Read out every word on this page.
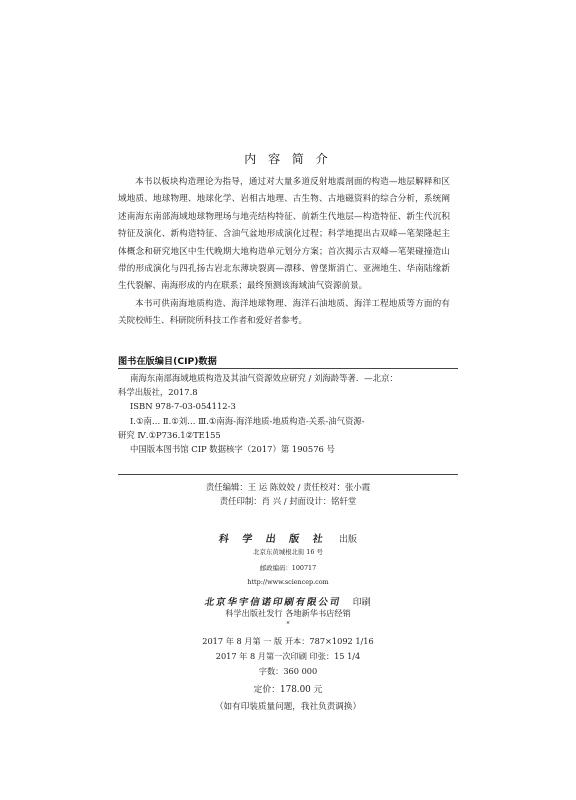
内 容 简 介

本书以板块构造理论为指导，通过对大量多道反射地震剖面的构造—地层解释和区域地质、地球物理、地球化学、岩相古地理、古生物、古地磁资料的综合分析，系统阐述南海东南部海域地球物理场与地壳结构特征、前新生代地层—构造特征、新生代沉积特征及演化、新构造特征、含油气盆地形成演化过程；科学地提出古双峰—笔架隆起主体概念和研究地区中生代晚期大地构造单元划分方案；首次揭示古双峰—笔架碰撞造山带的形成演化与四孔扬古岩北东薄块裂离—漂移、曾堡斯消亡、亚洲地生、华南陆缘新生代裂解、南海形成的内在联系；最终预测该海域油气资源前景。

本书可供南海地质构造、海洋地球物理、海洋石油地质、海洋工程地质等方面的有关院校师生、科研院所科技工作者和爱好者参考。

图书在版编目(CIP)数据

南海东南部海域地质构造及其油气资源效应研究 / 刘海龄等著．—北京：

科学出版社，2017.8

ISBN 978-7-03-054112-3

Ⅰ.①南… Ⅱ.①刘… Ⅲ.①南海-海洋地质-地质构造-关系-油气资源-

研究 Ⅳ.①P736.1②TE155

中国版本图书馆 CIP 数据核字（2017）第 190576 号

责任编辑：王 运 陈姣姣 / 责任校对：张小霞
责任印制：肖 兴 / 封面设计：铭轩堂
科 学 出 版 社 出版
北京东黄城根北街 16 号
邮政编码：100717
http://www.sciencep.com
北京华宇信诺印刷有限公司 印刷
科学出版社发行 各地新华书店经销
*
2017 年 8 月第 一 版 开本：787×1092 1/16
2017 年 8 月第一次印刷 印张：15 1/4
字数：360 000
定价：178.00 元
（如有印装质量问题，我社负责调换）
